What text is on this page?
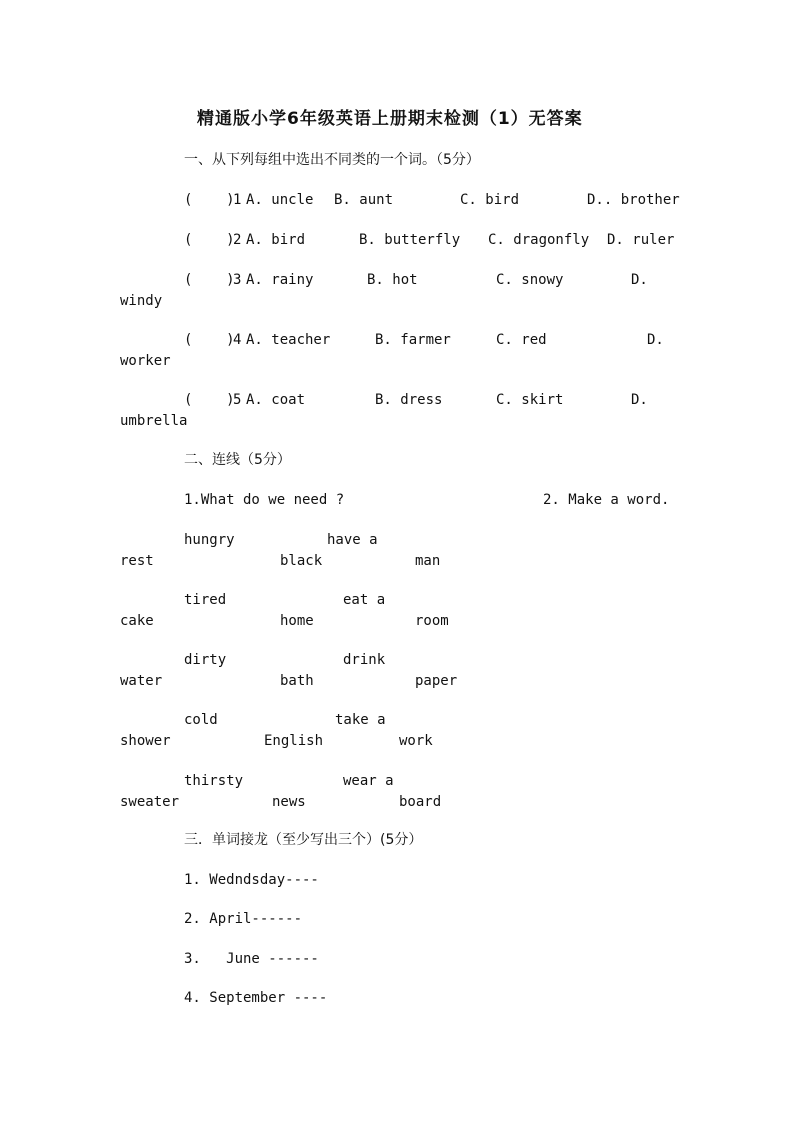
精通版小学6年级英语上册期末检测（1）无答案
一、从下列每组中选出不同类的一个词。（5分）
(    )
1 A. uncle B. aunt	C. bird	D.. brother
(    )
2 A. bird	B. butterfly C. dragonfly D. ruler
(    )
3 A. rainy	B. hot	C. snowy	D.
windy
(    )
4 A. teacher	B. farmer	C. red	D.
worker
(    )
5 A. coat	B. dress	C. skirt	D.
umbrella
二、连线（5分）
1.What do we need ?	2. Make a word.
hungry	have a
rest	black	man
tired	eat a
cake	home	room
dirty	drink
water	bath	paper
cold	take a
shower	English	work
thirsty	wear a
sweater	news	board
三．单词接龙（至少写出三个）(5分）
1. Wedndsday----
2. April------
3.   June ------
4. September ----
